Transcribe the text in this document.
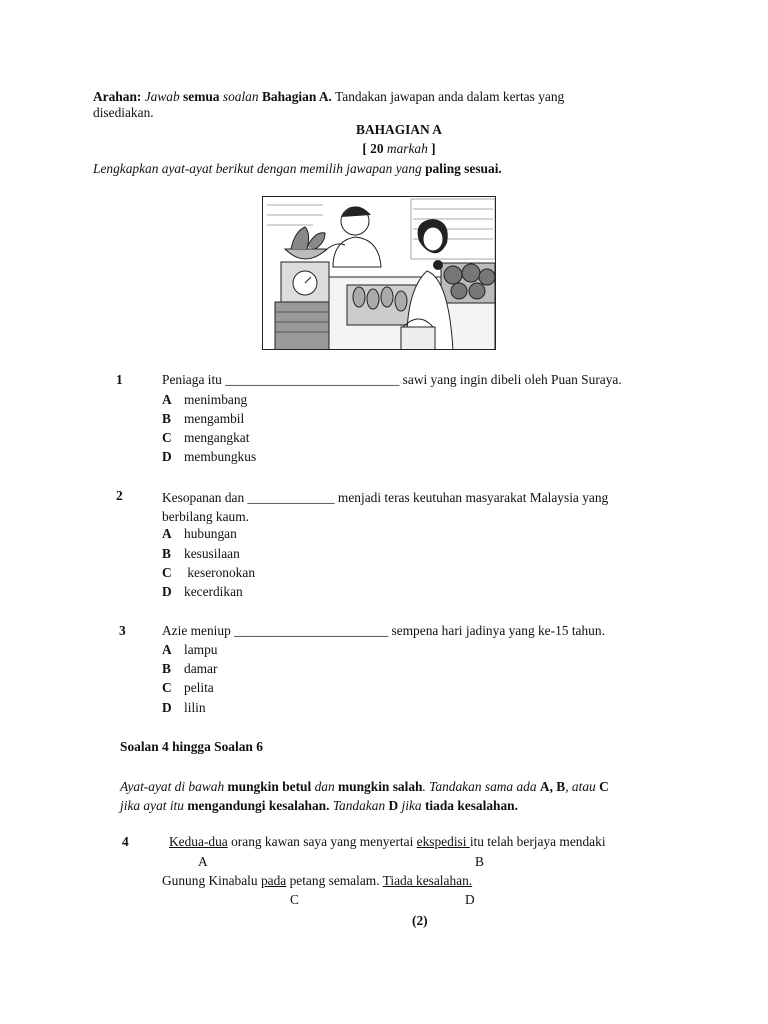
Arahan: Jawab semua soalan Bahagian A. Tandakan jawapan anda dalam kertas yang
disediakan.
BAHAGIAN A
[ 20 markah ]
Lengkapkan ayat-ayat berikut dengan memilih jawapan yang paling sesuai.
1	Peniaga itu __________________________ sawi yang ingin dibeli oleh Puan Suraya.
A menimbang
B mengambil
C mengangkat
D membungkus
2	Kesopanan dan _____________ menjadi teras keutuhan masyarakat Malaysia yang
berbilang kaum.
A hubungan
B kesusilaan
C keseronokan
D kecerdikan
3	Azie meniup _______________________ sempena hari jadinya yang ke-15 tahun.
A lampu
B damar
C pelita
D lilin
Soalan 4 hingga Soalan 6
Ayat-ayat di bawah mungkin betul dan mungkin salah. Tandakan sama ada A, B, atau C
jika ayat itu mengandungi kesalahan. Tandakan D jika tiada kesalahan.
4	Kedua-dua orang kawan saya yang menyertai ekspedisi itu telah berjaya mendaki
A	B
Gunung Kinabalu pada petang semalam. Tiada kesalahan.
C	D
(2)
